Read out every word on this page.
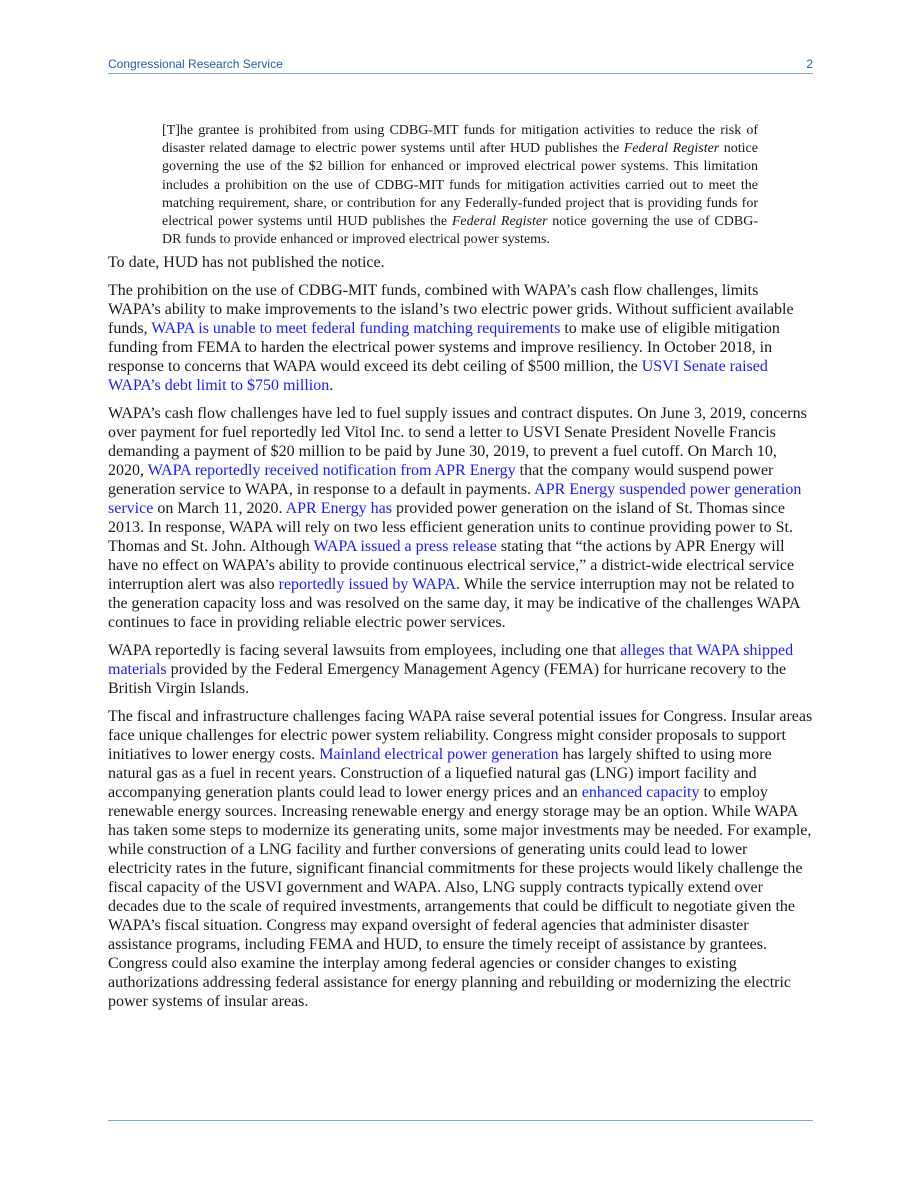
Congressional Research Service	2
[T]he grantee is prohibited from using CDBG-MIT funds for mitigation activities to reduce the risk of disaster related damage to electric power systems until after HUD publishes the Federal Register notice governing the use of the $2 billion for enhanced or improved electrical power systems. This limitation includes a prohibition on the use of CDBG-MIT funds for mitigation activities carried out to meet the matching requirement, share, or contribution for any Federally-funded project that is providing funds for electrical power systems until HUD publishes the Federal Register notice governing the use of CDBG-DR funds to provide enhanced or improved electrical power systems.

To date, HUD has not published the notice.

The prohibition on the use of CDBG-MIT funds, combined with WAPA’s cash flow challenges, limits WAPA’s ability to make improvements to the island’s two electric power grids. Without sufficient available funds, WAPA is unable to meet federal funding matching requirements to make use of eligible mitigation funding from FEMA to harden the electrical power systems and improve resiliency. In October 2018, in response to concerns that WAPA would exceed its debt ceiling of $500 million, the USVI Senate raised WAPA’s debt limit to $750 million.

WAPA’s cash flow challenges have led to fuel supply issues and contract disputes. On June 3, 2019, concerns over payment for fuel reportedly led Vitol Inc. to send a letter to USVI Senate President Novelle Francis demanding a payment of $20 million to be paid by June 30, 2019, to prevent a fuel cutoff. On March 10, 2020, WAPA reportedly received notification from APR Energy that the company would suspend power generation service to WAPA, in response to a default in payments. APR Energy suspended power generation service on March 11, 2020. APR Energy has provided power generation on the island of St. Thomas since 2013. In response, WAPA will rely on two less efficient generation units to continue providing power to St. Thomas and St. John. Although WAPA issued a press release stating that “the actions by APR Energy will have no effect on WAPA’s ability to provide continuous electrical service,” a district-wide electrical service interruption alert was also reportedly issued by WAPA. While the service interruption may not be related to the generation capacity loss and was resolved on the same day, it may be indicative of the challenges WAPA continues to face in providing reliable electric power services.

WAPA reportedly is facing several lawsuits from employees, including one that alleges that WAPA shipped materials provided by the Federal Emergency Management Agency (FEMA) for hurricane recovery to the British Virgin Islands.

The fiscal and infrastructure challenges facing WAPA raise several potential issues for Congress. Insular areas face unique challenges for electric power system reliability. Congress might consider proposals to support initiatives to lower energy costs. Mainland electrical power generation has largely shifted to using more natural gas as a fuel in recent years. Construction of a liquefied natural gas (LNG) import facility and accompanying generation plants could lead to lower energy prices and an enhanced capacity to employ renewable energy sources. Increasing renewable energy and energy storage may be an option. While WAPA has taken some steps to modernize its generating units, some major investments may be needed. For example, while construction of a LNG facility and further conversions of generating units could lead to lower electricity rates in the future, significant financial commitments for these projects would likely challenge the fiscal capacity of the USVI government and WAPA. Also, LNG supply contracts typically extend over decades due to the scale of required investments, arrangements that could be difficult to negotiate given the WAPA’s fiscal situation. Congress may expand oversight of federal agencies that administer disaster assistance programs, including FEMA and HUD, to ensure the timely receipt of assistance by grantees. Congress could also examine the interplay among federal agencies or consider changes to existing authorizations addressing federal assistance for energy planning and rebuilding or modernizing the electric power systems of insular areas.
